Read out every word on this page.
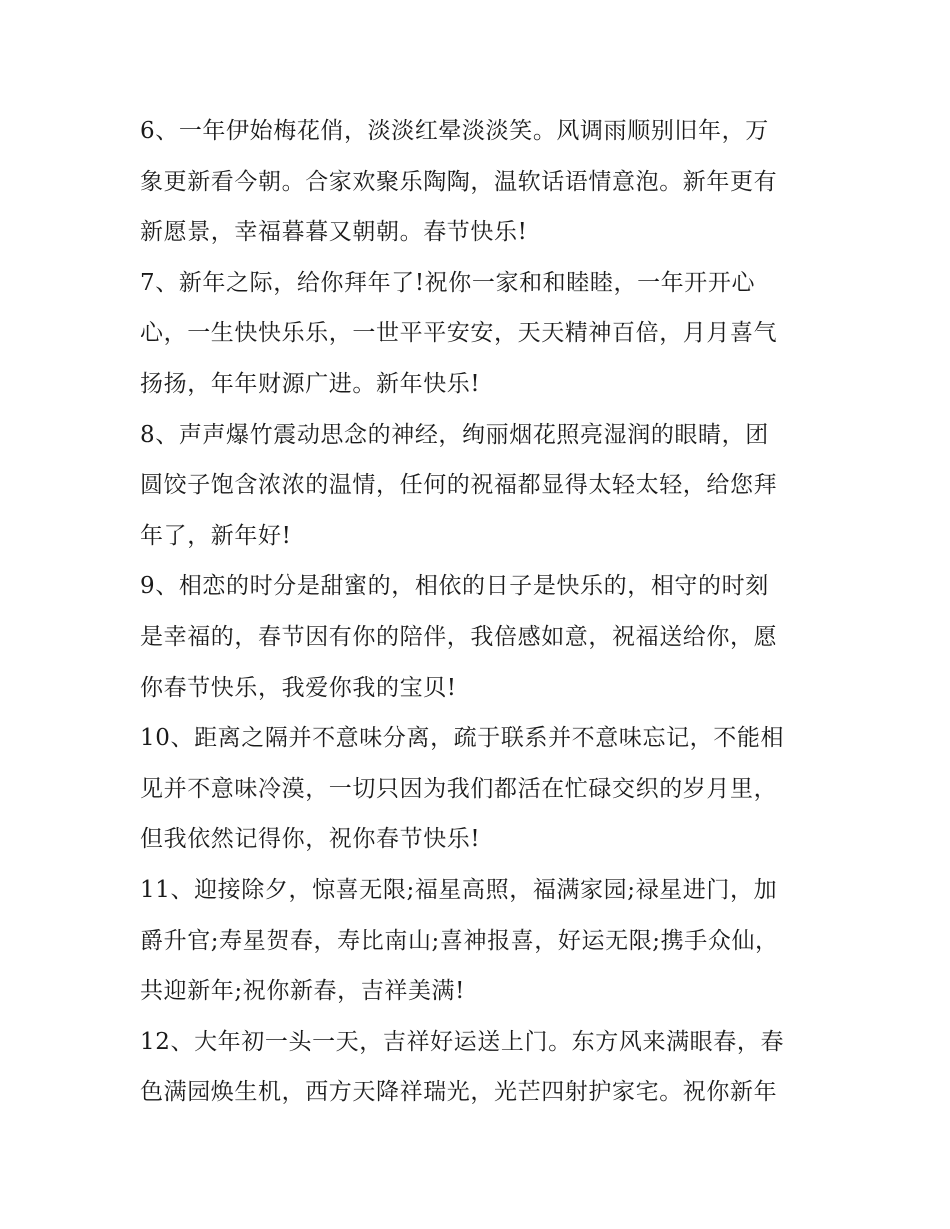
6、一年伊始梅花俏，淡淡红晕淡淡笑。风调雨顺别旧年，万
象更新看今朝。合家欢聚乐陶陶，温软话语情意泡。新年更有
新愿景，幸福暮暮又朝朝。春节快乐!
7、新年之际，给你拜年了!祝你一家和和睦睦，一年开开心
心，一生快快乐乐，一世平平安安，天天精神百倍，月月喜气
扬扬，年年财源广进。新年快乐!
8、声声爆竹震动思念的神经，绚丽烟花照亮湿润的眼睛，团
圆饺子饱含浓浓的温情，任何的祝福都显得太轻太轻，给您拜
年了，新年好!
9、相恋的时分是甜蜜的，相依的日子是快乐的，相守的时刻
是幸福的，春节因有你的陪伴，我倍感如意，祝福送给你，愿
你春节快乐，我爱你我的宝贝!
10、距离之隔并不意味分离，疏于联系并不意味忘记，不能相
见并不意味冷漠，一切只因为我们都活在忙碌交织的岁月里，
但我依然记得你，祝你春节快乐!
11、迎接除夕，惊喜无限;福星高照，福满家园;禄星进门，加
爵升官;寿星贺春，寿比南山;喜神报喜，好运无限;携手众仙，
共迎新年;祝你新春，吉祥美满!
12、大年初一头一天，吉祥好运送上门。东方风来满眼春，春
色满园焕生机，西方天降祥瑞光，光芒四射护家宅。祝你新年
